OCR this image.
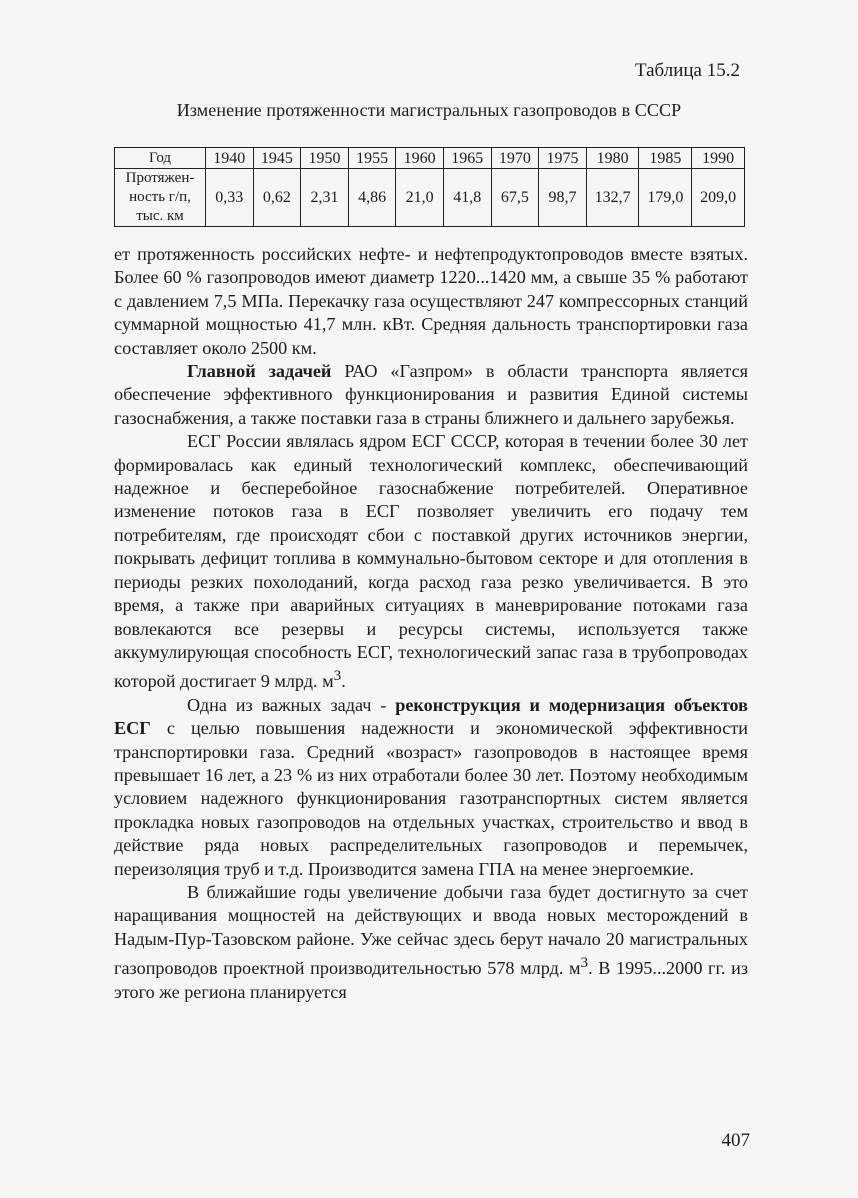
Таблица 15.2
Изменение протяженности магистральных газопроводов в СССР
Год	1940	1945	1950	1955	1960	1965	1970	1975	1980	1985	1990

Протяжен-
ность г/п,
тыс. км	0,33	0,62	2,31	4,86	21,0	41,8	67,5	98,7	132,7	179,0	209,0

ет протяженность российских нефте- и нефтепродуктопроводов вместе взятых. Более 60 % газопроводов имеют диаметр 1220...1420 мм, а свыше 35 % работают с давлением 7,5 МПа. Перекачку газа осуществляют 247 компрессорных станций суммарной мощностью 41,7 млн. кВт. Средняя дальность транспортировки газа составляет около 2500 км.

Главной задачей РАО «Газпром» в области транспорта является обеспечение эффективного функционирования и развития Единой системы газоснабжения, а также поставки газа в страны ближнего и дальнего зарубежья.

ЕСГ России являлась ядром ЕСГ СССР, которая в течении более 30 лет формировалась как единый технологический комплекс, обеспечивающий надежное и бесперебойное газоснабжение потребителей. Оперативное изменение потоков газа в ЕСГ позволяет увеличить его подачу тем потребителям, где происходят сбои с поставкой других источников энергии, покрывать дефицит топлива в коммунально-бытовом секторе и для отопления в периоды резких похолоданий, когда расход газа резко увеличивается. В это время, а также при аварийных ситуациях в маневрирование потоками газа вовлекаются все резервы и ресурсы системы, используется также аккумулирующая способность ЕСГ, технологический запас газа в трубопроводах которой достигает 9 млрд. $м^3$.

Одна из важных задач - реконструкция и модернизация объектов ЕСГ с целью повышения надежности и экономической эффективности транспортировки газа. Средний «возраст» газопроводов в настоящее время превышает 16 лет, а 23 % из них отработали более 30 лет. Поэтому необходимым условием надежного функционирования газотранспортных систем является прокладка новых газопроводов на отдельных участках, строительство и ввод в действие ряда новых распределительных газопроводов и перемычек, переизоляция труб и т.д. Производится замена ГПА на менее энергоемкие.

В ближайшие годы увеличение добычи газа будет достигнуто за счет наращивания мощностей на действующих и ввода новых месторождений в Надым-Пур-Тазовском районе. Уже сейчас здесь берут начало 20 магистральных газопроводов проектной производительностью 578 млрд. $м^3$. В 1995...2000 гг. из этого же региона планируется

407
